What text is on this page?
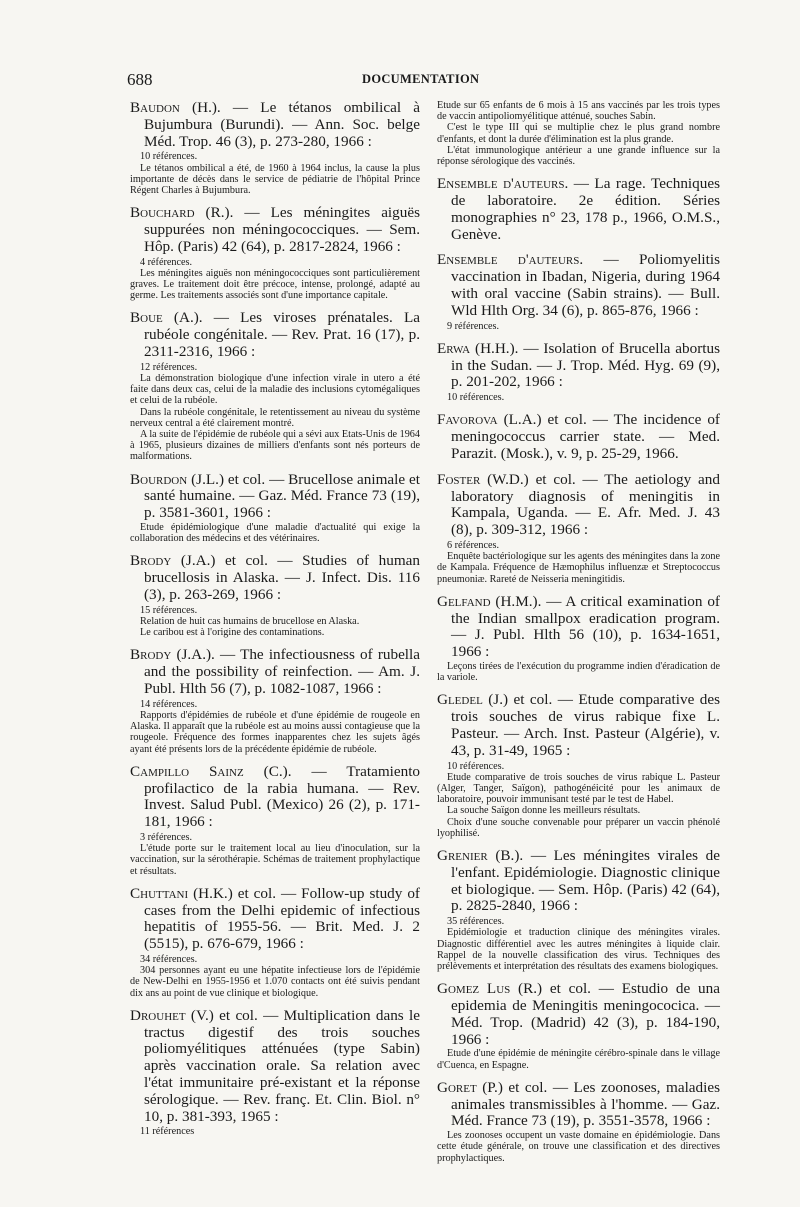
688	DOCUMENTATION

Baudon (H.). — Le tétanos ombilical à Bujumbura (Burundi). — Ann. Soc. belge Méd. Trop. 46 (3), p. 273-280, 1966 :

10 références.

Le tétanos ombilical a été, de 1960 à 1964 inclus, la cause la plus importante de décès dans le service de pédiatrie de l'hôpital Prince Régent Charles à Bujumbura.

Bouchard (R.). — Les méningites aiguës suppurées non méningococciques. — Sem. Hôp. (Paris) 42 (64), p. 2817-2824, 1966 :

4 références.

Les méningites aiguës non méningococciques sont particulièrement graves. Le traitement doit être précoce, intense, prolongé, adapté au germe. Les traitements associés sont d'une importance capitale.

Boue (A.). — Les viroses prénatales. La rubéole congénitale. — Rev. Prat. 16 (17), p. 2311-2316, 1966 :

12 références.

La démonstration biologique d'une infection virale in utero a été faite dans deux cas, celui de la maladie des inclusions cytomégaliques et celui de la rubéole.

Dans la rubéole congénitale, le retentissement au niveau du système nerveux central a été clairement montré.

A la suite de l'épidémie de rubéole qui a sévi aux Etats-Unis de 1964 à 1965, plusieurs dizaines de milliers d'enfants sont nés porteurs de malformations.

Bourdon (J.L.) et col. — Brucellose animale et santé humaine. — Gaz. Méd. France 73 (19), p. 3581-3601, 1966 :

Etude épidémiologique d'une maladie d'actualité qui exige la collaboration des médecins et des vétérinaires.

Brody (J.A.) et col. — Studies of human brucellosis in Alaska. — J. Infect. Dis. 116 (3), p. 263-269, 1966 :

15 références.

Relation de huit cas humains de brucellose en Alaska.

Le caribou est à l'origine des contaminations.

Brody (J.A.). — The infectiousness of rubella and the possibility of reinfection. — Am. J. Publ. Hlth 56 (7), p. 1082-1087, 1966 :

14 références.

Rapports d'épidémies de rubéole et d'une épidémie de rougeole en Alaska. Il apparaît que la rubéole est au moins aussi contagieuse que la rougeole. Fréquence des formes inapparentes chez les sujets âgés ayant été présents lors de la précédente épidémie de rubéole.

Campillo Sainz (C.). — Tratamiento profilactico de la rabia humana. — Rev. Invest. Salud Publ. (Mexico) 26 (2), p. 171-181, 1966 :

3 références.

L'étude porte sur le traitement local au lieu d'inoculation, sur la vaccination, sur la sérothérapie. Schémas de traitement prophylactique et résultats.

Chuttani (H.K.) et col. — Follow-up study of cases from the Delhi epidemic of infectious hepatitis of 1955-56. — Brit. Med. J. 2 (5515), p. 676-679, 1966 :

34 références.

304 personnes ayant eu une hépatite infectieuse lors de l'épidémie de New-Delhi en 1955-1956 et 1.070 contacts ont été suivis pendant dix ans au point de vue clinique et biologique.

Drouhet (V.) et col. — Multiplication dans le tractus digestif des trois souches poliomyélitiques atténuées (type Sabin) après vaccination orale. Sa relation avec l'état immunitaire pré-existant et la réponse sérologique. — Rev. franç. Et. Clin. Biol. n° 10, p. 381-393, 1965 :

11 références

Etude sur 65 enfants de 6 mois à 15 ans vaccinés par les trois types de vaccin antipoliomyélitique atténué, souches Sabin.

C'est le type III qui se multiplie chez le plus grand nombre d'enfants, et dont la durée d'élimination est la plus grande.

L'état immunologique antérieur a une grande influence sur la réponse sérologique des vaccinés.

Ensemble d'auteurs. — La rage. Techniques de laboratoire. 2e édition. Séries monographies n° 23, 178 p., 1966, O.M.S., Genève.

Ensemble d'auteurs. — Poliomyelitis vaccination in Ibadan, Nigeria, during 1964 with oral vaccine (Sabin strains). — Bull. Wld Hlth Org. 34 (6), p. 865-876, 1966 :

9 références.

Erwa (H.H.). — Isolation of Brucella abortus in the Sudan. — J. Trop. Méd. Hyg. 69 (9), p. 201-202, 1966 :

10 références.

Favorova (L.A.) et col. — The incidence of meningococcus carrier state. — Med. Parazit. (Mosk.), v. 9, p. 25-29, 1966.

Foster (W.D.) et col. — The aetiology and laboratory diagnosis of meningitis in Kampala, Uganda. — E. Afr. Med. J. 43 (8), p. 309-312, 1966 :

6 références.

Enquête bactériologique sur les agents des méningites dans la zone de Kampala. Fréquence de Hæmophilus influenzæ et Streptococcus pneumoniæ. Rareté de Neisseria meningitidis.

Gelfand (H.M.). — A critical examination of the Indian smallpox eradication program. — J. Publ. Hlth 56 (10), p. 1634-1651, 1966 :

Leçons tirées de l'exécution du programme indien d'éradication de la variole.

Gledel (J.) et col. — Etude comparative des trois souches de virus rabique fixe L. Pasteur. — Arch. Inst. Pasteur (Algérie), v. 43, p. 31-49, 1965 :

10 références.

Etude comparative de trois souches de virus rabique L. Pasteur (Alger, Tanger, Saïgon), pathogénéicité pour les animaux de laboratoire, pouvoir immunisant testé par le test de Habel.

La souche Saïgon donne les meilleurs résultats.

Choix d'une souche convenable pour préparer un vaccin phénolé lyophilisé.

Grenier (B.). — Les méningites virales de l'enfant. Epidémiologie. Diagnostic clinique et biologique. — Sem. Hôp. (Paris) 42 (64), p. 2825-2840, 1966 :

35 références.

Epidémiologie et traduction clinique des méningites virales. Diagnostic différentiel avec les autres méningites à liquide clair. Rappel de la nouvelle classification des virus. Techniques des prélèvements et interprétation des résultats des examens biologiques.

Gomez Lus (R.) et col. — Estudio de una epidemia de Meningitis meningococica. — Méd. Trop. (Madrid) 42 (3), p. 184-190, 1966 :

Etude d'une épidémie de méningite cérébro-spinale dans le village d'Cuenca, en Espagne.

Goret (P.) et col. — Les zoonoses, maladies animales transmissibles à l'homme. — Gaz. Méd. France 73 (19), p. 3551-3578, 1966 :

Les zoonoses occupent un vaste domaine en épidémiologie. Dans cette étude générale, on trouve une classification et des directives prophylactiques.
